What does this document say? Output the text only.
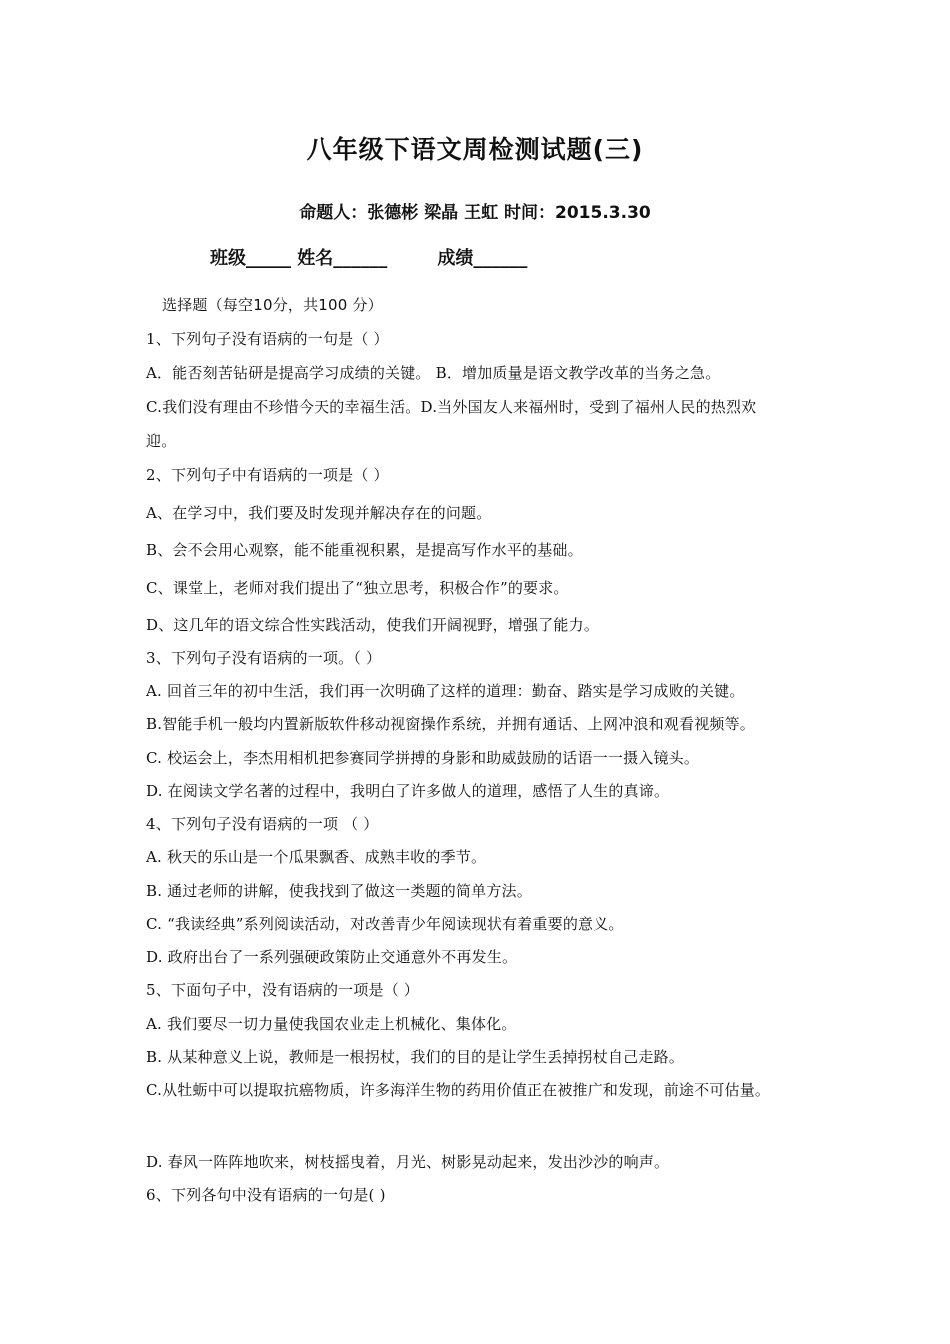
八年级下语文周检测试题(三)
命题人：张德彬 梁晶 王虹 时间：2015.3.30
班级_____ 姓名______	成绩______
选择题（每空10分，共100 分）
1、下列句子没有语病的一句是（ ）
A．能否刻苦钻研是提高学习成绩的关键。 B．增加质量是语文教学改革的当务之急。
C.我们没有理由不珍惜今天的幸福生活。D.当外国友人来福州时，受到了福州人民的热烈欢
迎。
2、下列句子中有语病的一项是（ ）
A、在学习中，我们要及时发现并解决存在的问题。
B、会不会用心观察，能不能重视积累，是提高写作水平的基础。
C、课堂上，老师对我们提出了“独立思考，积极合作”的要求。
D、这几年的语文综合性实践活动，使我们开阔视野，增强了能力。
3、下列句子没有语病的一项。（ ）
A. 回首三年的初中生活，我们再一次明确了这样的道理：勤奋、踏实是学习成败的关键。
B.智能手机一般均内置新版软件移动视窗操作系统，并拥有通话、上网冲浪和观看视频等。
C. 校运会上，李杰用相机把参赛同学拼搏的身影和助威鼓励的话语一一摄入镜头。
D. 在阅读文学名著的过程中，我明白了许多做人的道理，感悟了人生的真谛。
4、下列句子没有语病的一项 （ ）
A. 秋天的乐山是一个瓜果飘香、成熟丰收的季节。
B. 通过老师的讲解，使我找到了做这一类题的简单方法。
C. “我读经典”系列阅读活动，对改善青少年阅读现状有着重要的意义。
D. 政府出台了一系列强硬政策防止交通意外不再发生。
5、下面句子中，没有语病的一项是（ ）
A. 我们要尽一切力量使我国农业走上机械化、集体化。
B. 从某种意义上说，教师是一根拐杖，我们的目的是让学生丢掉拐杖自己走路。
C.从牡蛎中可以提取抗癌物质，许多海洋生物的药用价值正在被推广和发现，前途不可估量。
D. 春风一阵阵地吹来，树枝摇曳着，月光、树影晃动起来，发出沙沙的响声。
6、下列各句中没有语病的一句是( )
